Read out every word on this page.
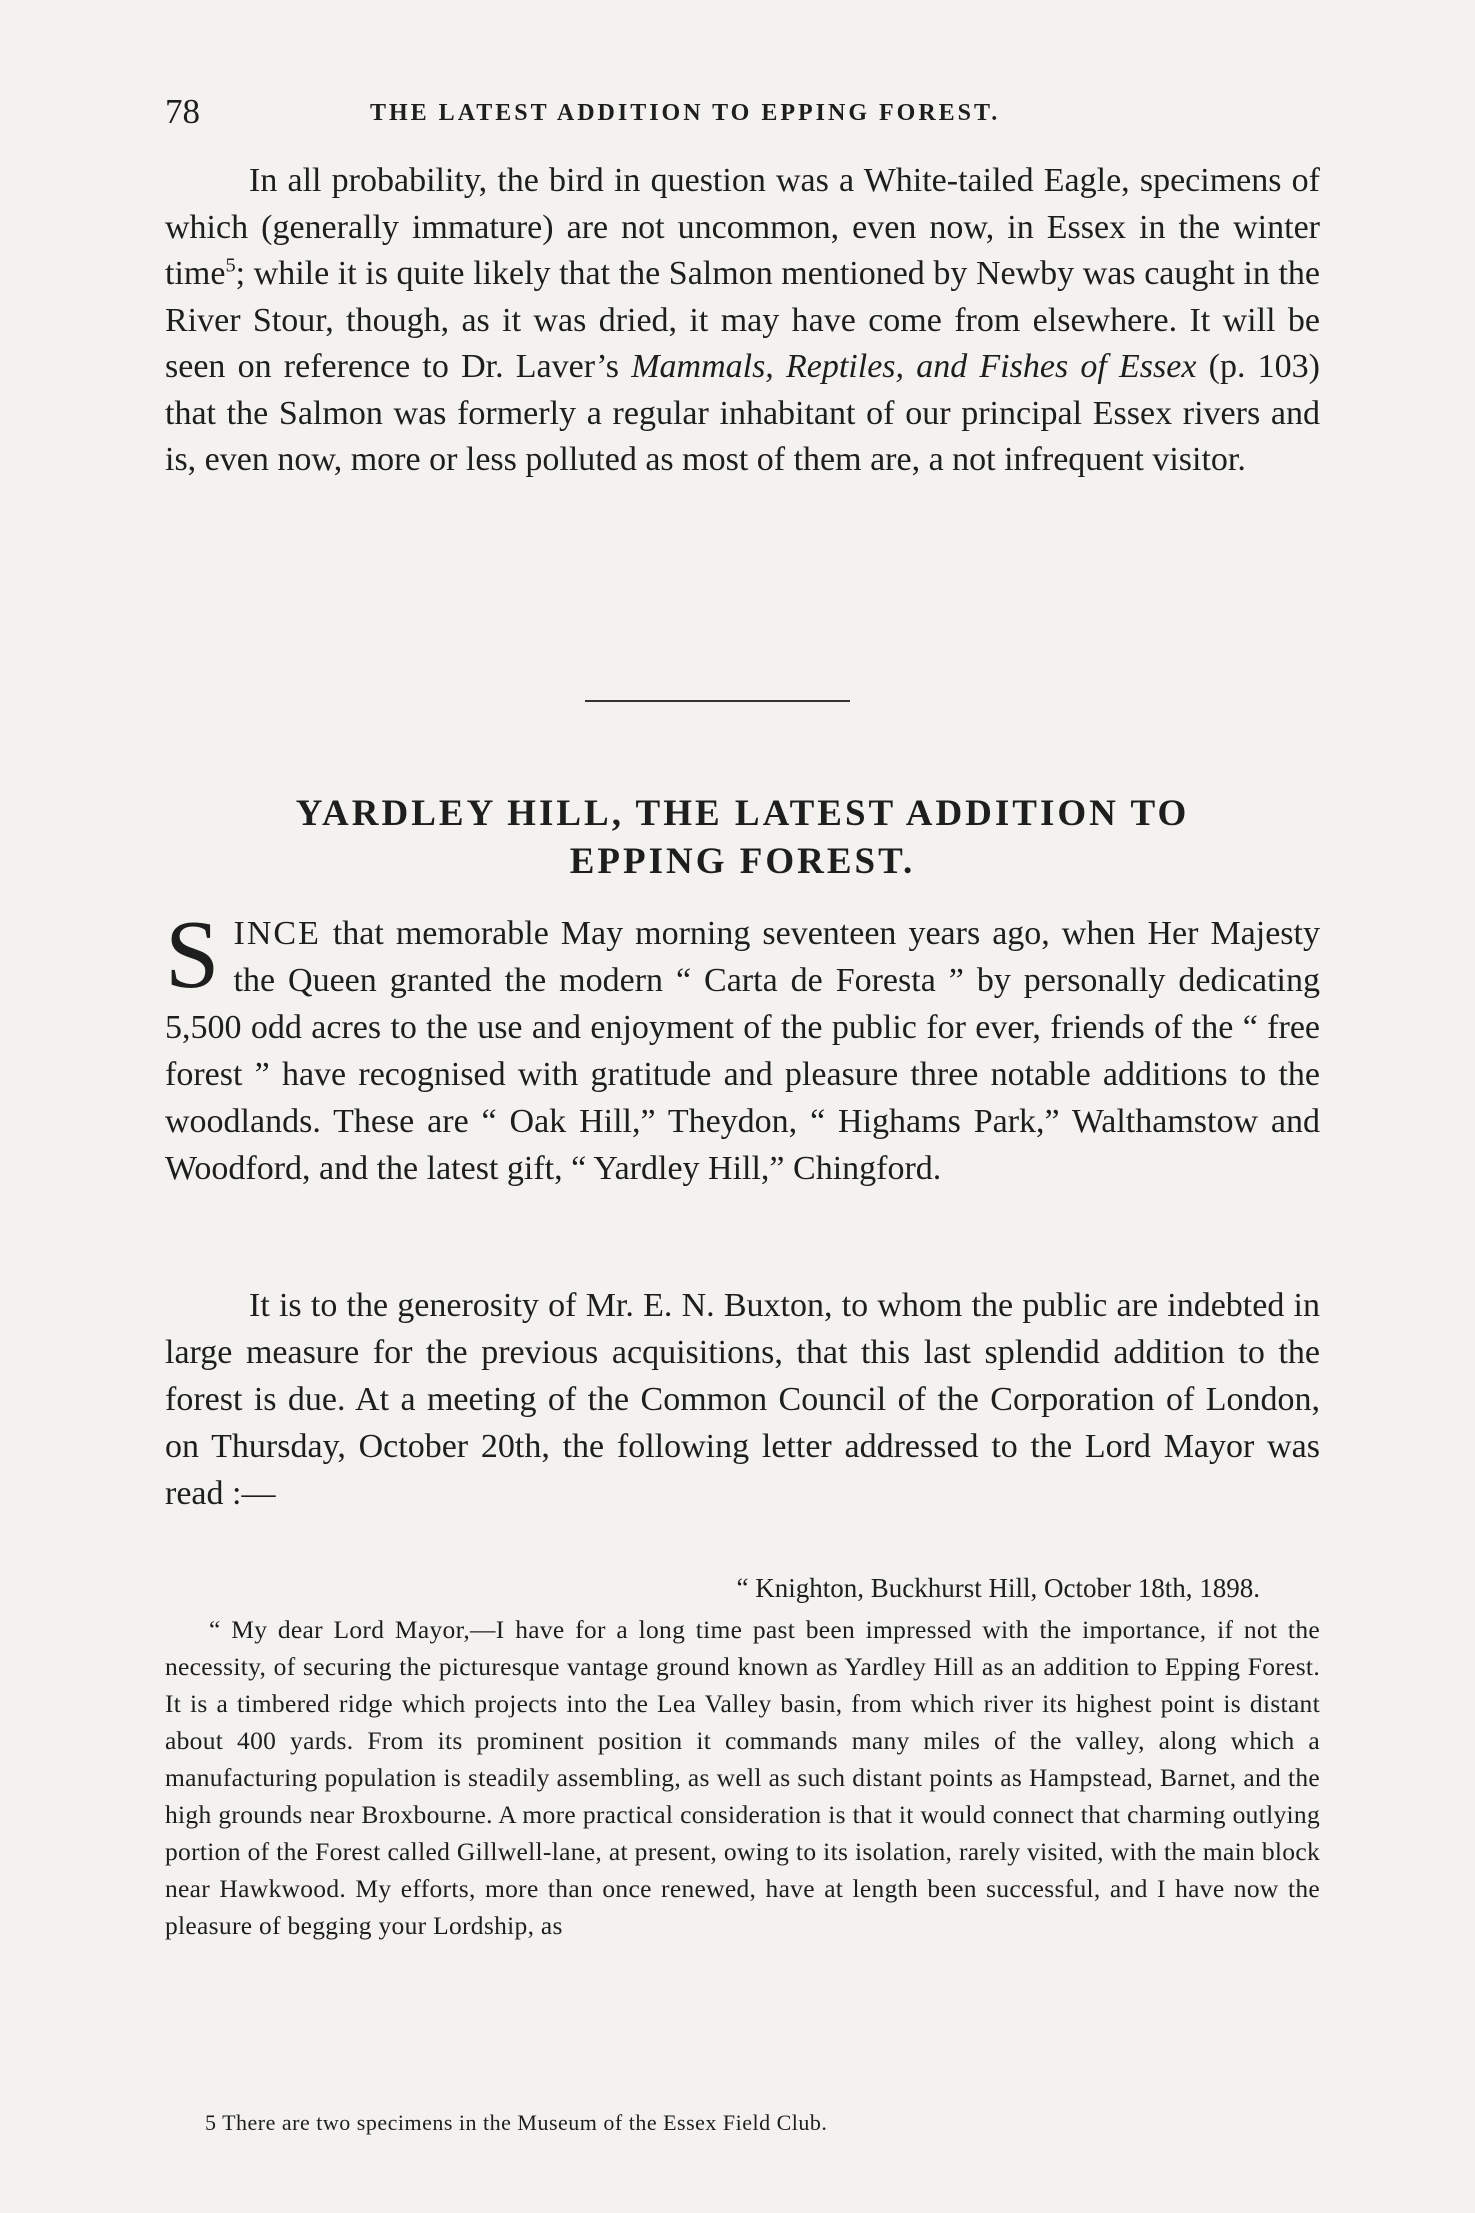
78	THE LATEST ADDITION TO EPPING FOREST.

In all probability, the bird in question was a White-tailed Eagle, specimens of which (generally immature) are not uncommon, even now, in Essex in the winter time$^5$; while it is quite likely that the Salmon mentioned by Newby was caught in the River Stour, though, as it was dried, it may have come from elsewhere. It will be seen on reference to Dr. Laver’s Mammals, Reptiles, and Fishes of Essex (p. 103) that the Salmon was formerly a regular inhabitant of our principal Essex rivers and is, even now, more or less polluted as most of them are, a not infrequent visitor.

YARDLEY HILL, THE LATEST ADDITION TO
EPPING FOREST.

SINCE that memorable May morning seventeen years ago, when Her Majesty the Queen granted the modern “ Carta de Foresta ” by personally dedicating 5,500 odd acres to the use and enjoyment of the public for ever, friends of the “ free forest ” have recognised with gratitude and pleasure three notable additions to the woodlands. These are “ Oak Hill,” Theydon, “ Highams Park,” Walthamstow and Woodford, and the latest gift, “ Yardley Hill,” Chingford.

It is to the generosity of Mr. E. N. Buxton, to whom the public are indebted in large measure for the previous acquisitions, that this last splendid addition to the forest is due. At a meeting of the Common Council of the Corporation of London, on Thursday, October 20th, the following letter addressed to the Lord Mayor was read :—

“ Knighton, Buckhurst Hill, October 18th, 1898.

“ My dear Lord Mayor,—I have for a long time past been impressed with the importance, if not the necessity, of securing the picturesque vantage ground known as Yardley Hill as an addition to Epping Forest. It is a timbered ridge which projects into the Lea Valley basin, from which river its highest point is distant about 400 yards. From its prominent position it commands many miles of the valley, along which a manufacturing population is steadily assembling, as well as such distant points as Hampstead, Barnet, and the high grounds near Broxbourne. A more practical consideration is that it would connect that charming outlying portion of the Forest called Gillwell-lane, at present, owing to its isolation, rarely visited, with the main block near Hawkwood. My efforts, more than once renewed, have at length been successful, and I have now the pleasure of begging your Lordship, as

5 There are two specimens in the Museum of the Essex Field Club.
